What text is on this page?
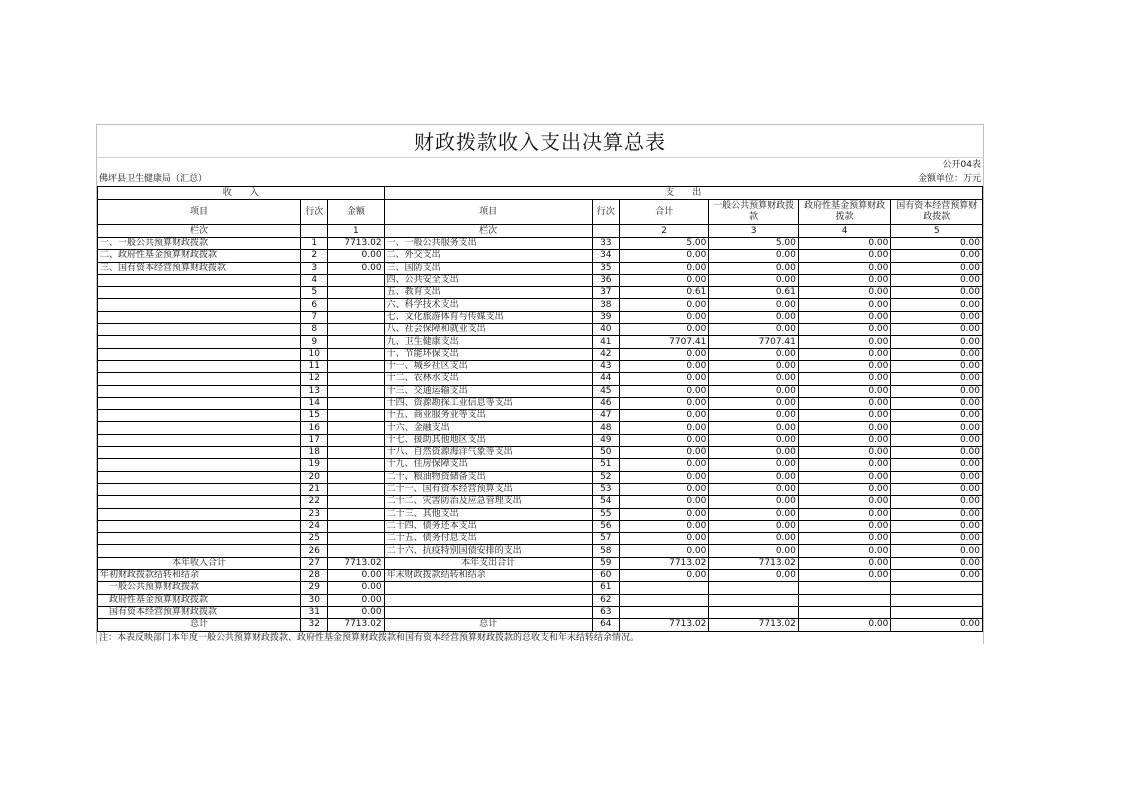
财政拨款收入支出决算总表
公开04表
佛坪县卫生健康局（汇总）	金额单位：万元
收　　入			支　　出					
项目	行次	金额	项目	行次	合计	一般公共预算财政拨款	政府性基金预算财政拨款	国有资本经营预算财政拨款
栏次		1	栏次		2	3	4	5
一、一般公共预算财政拨款	1	7713.02	一、一般公共服务支出	33	5.00	5.00	0.00	0.00
二、政府性基金预算财政拨款	2	0.00	二、外交支出	34	0.00	0.00	0.00	0.00
三、国有资本经营预算财政拨款	3	0.00	三、国防支出	35	0.00	0.00	0.00	0.00
	4		四、公共安全支出	36	0.00	0.00	0.00	0.00
	5		五、教育支出	37	0.61	0.61	0.00	0.00
	6		六、科学技术支出	38	0.00	0.00	0.00	0.00
	7		七、文化旅游体育与传媒支出	39	0.00	0.00	0.00	0.00
	8		八、社会保障和就业支出	40	0.00	0.00	0.00	0.00
	9		九、卫生健康支出	41	7707.41	7707.41	0.00	0.00
	10		十、节能环保支出	42	0.00	0.00	0.00	0.00
	11		十一、城乡社区支出	43	0.00	0.00	0.00	0.00
	12		十二、农林水支出	44	0.00	0.00	0.00	0.00
	13		十三、交通运输支出	45	0.00	0.00	0.00	0.00
	14		十四、资源勘探工业信息等支出	46	0.00	0.00	0.00	0.00
	15		十五、商业服务业等支出	47	0.00	0.00	0.00	0.00
	16		十六、金融支出	48	0.00	0.00	0.00	0.00
	17		十七、援助其他地区支出	49	0.00	0.00	0.00	0.00
	18		十八、自然资源海洋气象等支出	50	0.00	0.00	0.00	0.00
	19		十九、住房保障支出	51	0.00	0.00	0.00	0.00
	20		二十、粮油物资储备支出	52	0.00	0.00	0.00	0.00
	21		二十一、国有资本经营预算支出	53	0.00	0.00	0.00	0.00
	22		二十二、灾害防治及应急管理支出	54	0.00	0.00	0.00	0.00
	23		二十三、其他支出	55	0.00	0.00	0.00	0.00
	24		二十四、债务还本支出	56	0.00	0.00	0.00	0.00
	25		二十五、债务付息支出	57	0.00	0.00	0.00	0.00
	26		二十六、抗疫特别国债安排的支出	58	0.00	0.00	0.00	0.00
本年收入合计	27	7713.02	本年支出合计	59	7713.02	7713.02	0.00	0.00
年初财政拨款结转和结余	28	0.00	年末财政拨款结转和结余	60	0.00	0.00	0.00	0.00
　一般公共预算财政拨款	29	0.00		61				
　政府性基金预算财政拨款	30	0.00		62				
　国有资本经营预算财政拨款	31	0.00		63				
总计	32	7713.02	总计	64	7713.02	7713.02	0.00	0.00
注：本表反映部门本年度一般公共预算财政拨款、政府性基金预算财政拨款和国有资本经营预算财政拨款的总收支和年末结转结余情况。
